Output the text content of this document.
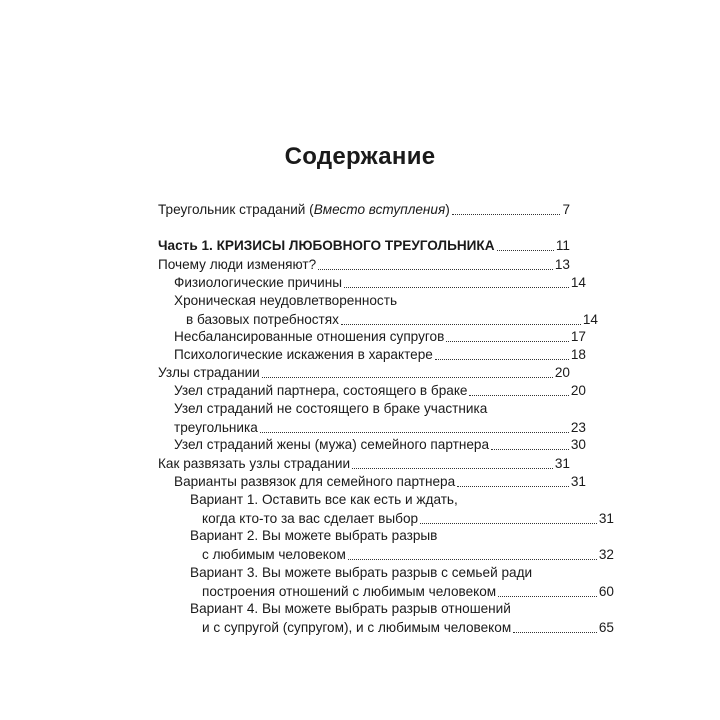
Содержание
Треугольник страданий (Вместо вступления)	7
Часть 1. КРИЗИСЫ ЛЮБОВНОГО ТРЕУГОЛЬНИКА	11
Почему люди изменяют?	13
Физиологические причины	14
Хроническая неудовлетворенность
в базовых потребностях	14
Несбалансированные отношения супругов	17
Психологические искажения в характере	18
Узлы страдании	20
Узел страданий партнера, состоящего в браке	20
Узел страданий не состоящего в браке участника
треугольника	23
Узел страданий жены (мужа) семейного партнера	30
Как развязать узлы страдании	31
Варианты развязок для семейного партнера	31
Вариант 1. Оставить все как есть и ждать,
когда кто-то за вас сделает выбор	31
Вариант 2. Вы можете выбрать разрыв
с любимым человеком	32
Вариант 3. Вы можете выбрать разрыв с семьей ради
построения отношений с любимым человеком	60
Вариант 4. Вы можете выбрать разрыв отношений
и с супругой (супругом), и с любимым человеком	65
